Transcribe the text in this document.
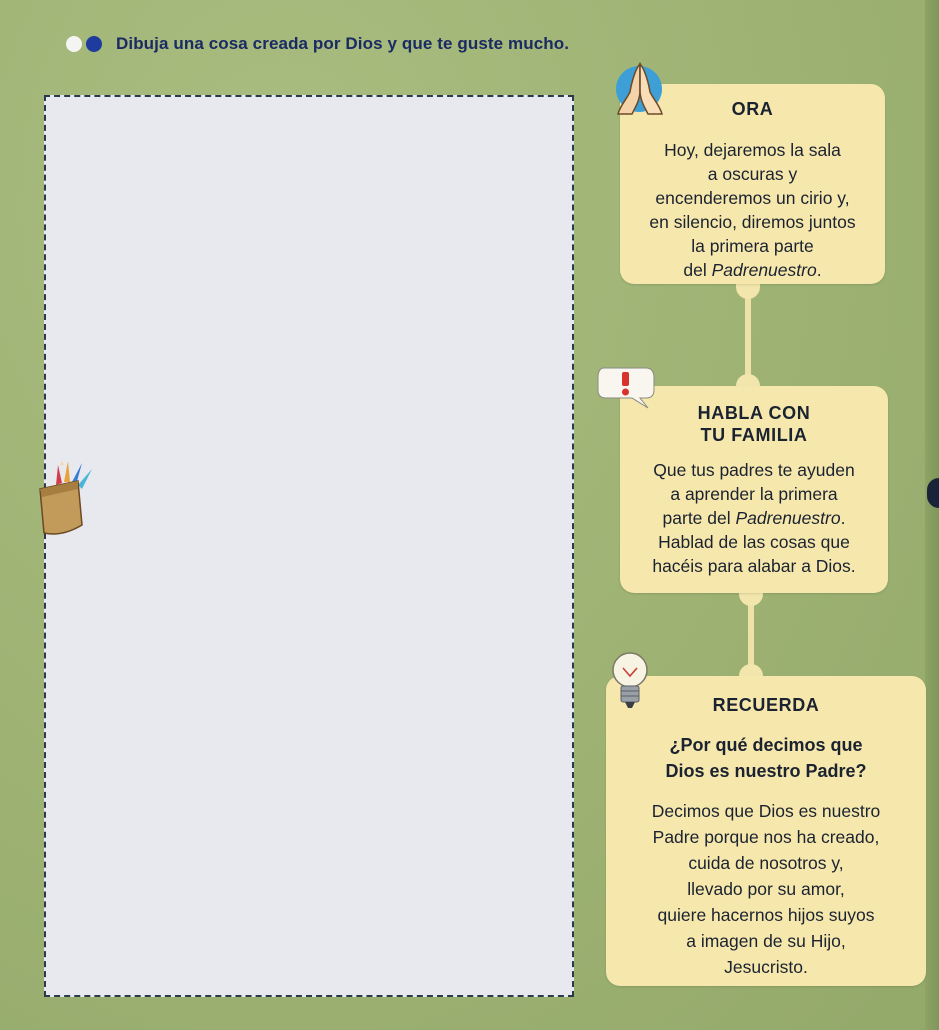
Dibuja una cosa creada por Dios y que te guste mucho.
ORA
Hoy, dejaremos la sala
a oscuras y
encenderemos un cirio y,
en silencio, diremos juntos
la primera parte
del Padrenuestro.
HABLA CON
TU FAMILIA
Que tus padres te ayuden
a aprender la primera
parte del Padrenuestro.
Hablad de las cosas que
hacéis para alabar a Dios.
RECUERDA
¿Por qué decimos que
Dios es nuestro Padre?
Decimos que Dios es nuestro
Padre porque nos ha creado,
cuida de nosotros y,
llevado por su amor,
quiere hacernos hijos suyos
a imagen de su Hijo,
Jesucristo.
